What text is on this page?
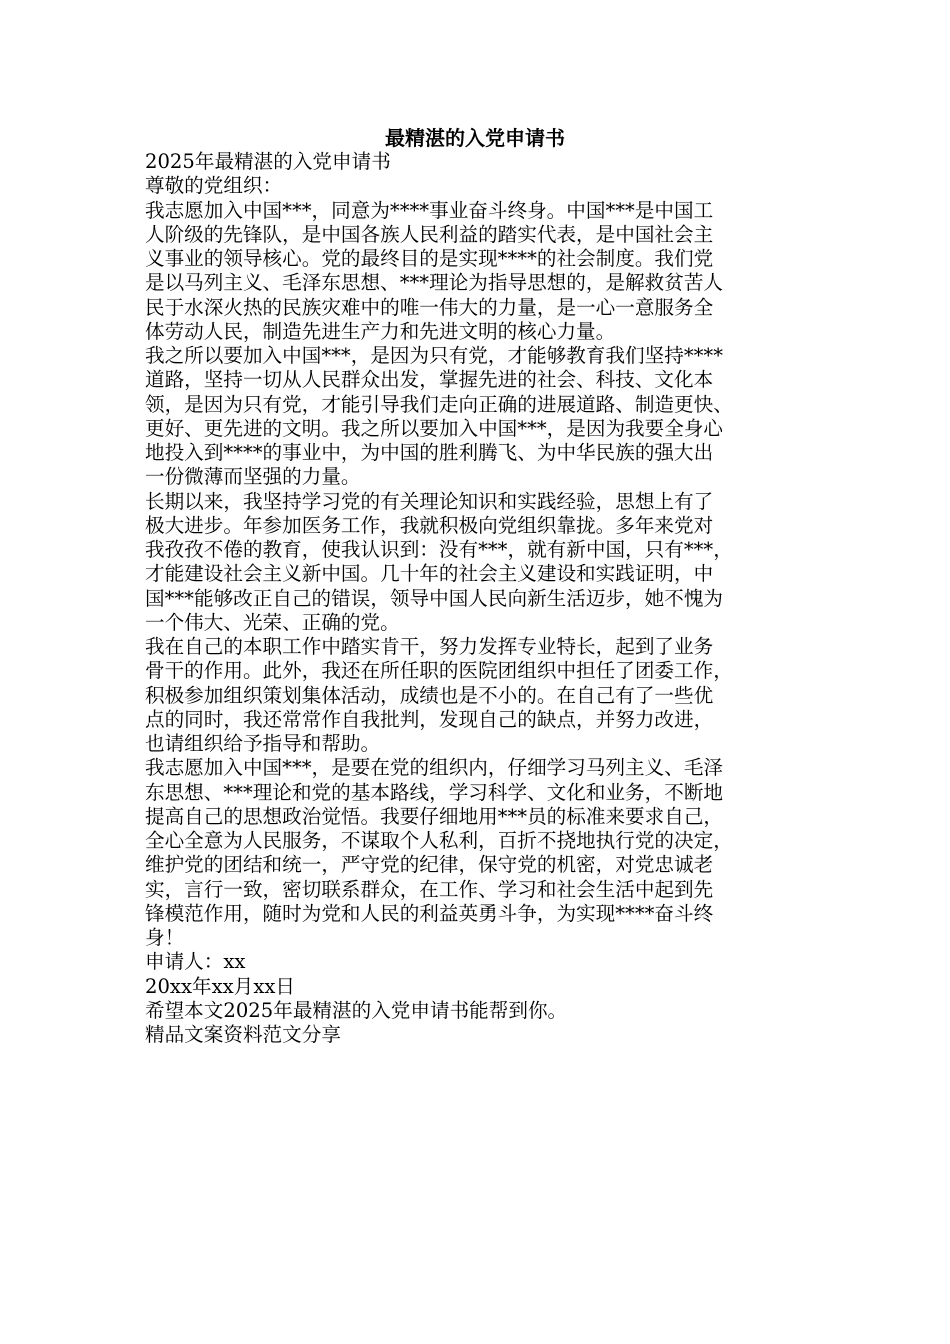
最精湛的入党申请书
2025年最精湛的入党申请书
尊敬的党组织：
我志愿加入中国***，同意为****事业奋斗终身。中国***是中国工
人阶级的先锋队，是中国各族人民利益的踏实代表，是中国社会主
义事业的领导核心。党的最终目的是实现****的社会制度。我们党
是以马列主义、毛泽东思想、***理论为指导思想的，是解救贫苦人
民于水深火热的民族灾难中的唯一伟大的力量，是一心一意服务全
体劳动人民，制造先进生产力和先进文明的核心力量。
我之所以要加入中国***，是因为只有党，才能够教育我们坚持****
道路，坚持一切从人民群众出发，掌握先进的社会、科技、文化本
领，是因为只有党，才能引导我们走向正确的进展道路、制造更快、
更好、更先进的文明。我之所以要加入中国***，是因为我要全身心
地投入到****的事业中，为中国的胜利腾飞、为中华民族的强大出
一份微薄而坚强的力量。
长期以来，我坚持学习党的有关理论知识和实践经验，思想上有了
极大进步。年参加医务工作，我就积极向党组织靠拢。多年来党对
我孜孜不倦的教育，使我认识到：没有***，就有新中国，只有***，
才能建设社会主义新中国。几十年的社会主义建设和实践证明，中
国***能够改正自己的错误，领导中国人民向新生活迈步，她不愧为
一个伟大、光荣、正确的党。
我在自己的本职工作中踏实肯干，努力发挥专业特长，起到了业务
骨干的作用。此外，我还在所任职的医院团组织中担任了团委工作，
积极参加组织策划集体活动，成绩也是不小的。在自己有了一些优
点的同时，我还常常作自我批判，发现自己的缺点，并努力改进，
也请组织给予指导和帮助。
我志愿加入中国***，是要在党的组织内，仔细学习马列主义、毛泽
东思想、***理论和党的基本路线，学习科学、文化和业务，不断地
提高自己的思想政治觉悟。我要仔细地用***员的标准来要求自己，
全心全意为人民服务，不谋取个人私利，百折不挠地执行党的决定，
维护党的团结和统一，严守党的纪律，保守党的机密，对党忠诚老
实，言行一致，密切联系群众，在工作、学习和社会生活中起到先
锋模范作用，随时为党和人民的利益英勇斗争，为实现****奋斗终
身！
申请人：xx
20xx年xx月xx日
希望本文2025年最精湛的入党申请书能帮到你。
精品文案资料范文分享
